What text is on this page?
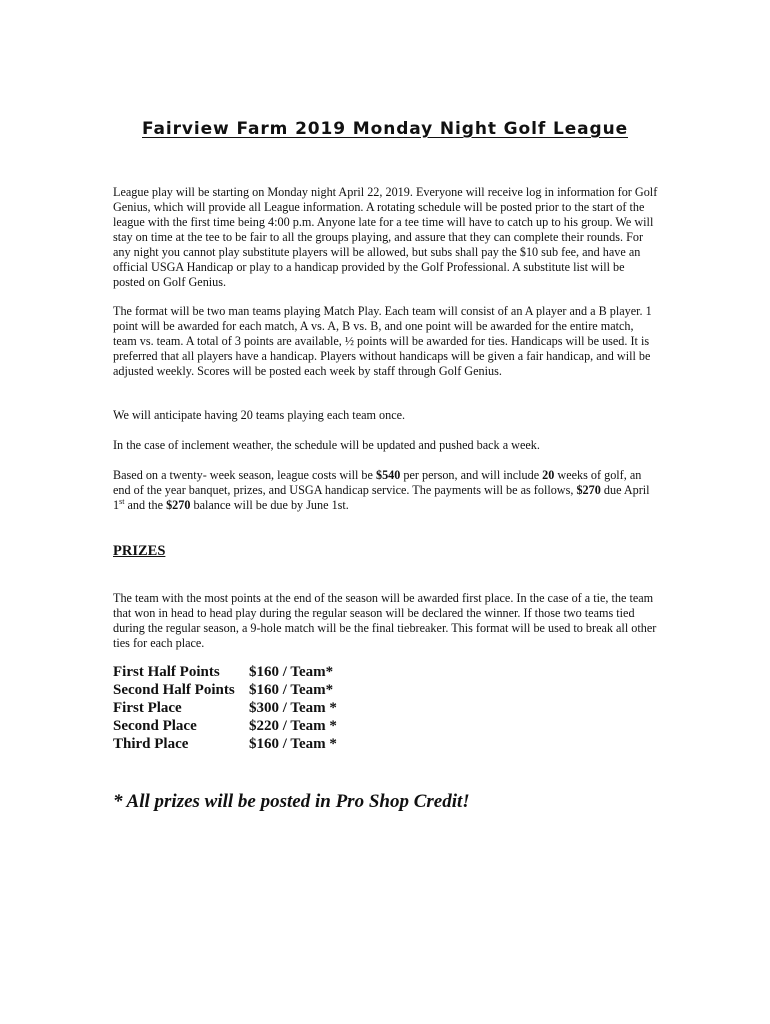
Fairview Farm 2019 Monday Night Golf League

League play will be starting on Monday night April 22, 2019. Everyone will receive log in information for Golf Genius, which will provide all League information. A rotating schedule will be posted prior to the start of the league with the first time being 4:00 p.m. Anyone late for a tee time will have to catch up to his group. We will stay on time at the tee to be fair to all the groups playing, and assure that they can complete their rounds. For any night you cannot play substitute players will be allowed, but subs shall pay the $10 sub fee, and have an official USGA Handicap or play to a handicap provided by the Golf Professional. A substitute list will be posted on Golf Genius.

The format will be two man teams playing Match Play. Each team will consist of an A player and a B player. 1 point will be awarded for each match, A vs. A, B vs. B, and one point will be awarded for the entire match, team vs. team. A total of 3 points are available, ½ points will be awarded for ties. Handicaps will be used. It is preferred that all players have a handicap. Players without handicaps will be given a fair handicap, and will be adjusted weekly. Scores will be posted each week by staff through Golf Genius.

We will anticipate having 20 teams playing each team once.

In the case of inclement weather, the schedule will be updated and pushed back a week.

Based on a twenty- week season, league costs will be $540 per person, and will include 20 weeks of golf, an end of the year banquet, prizes, and USGA handicap service. The payments will be as follows, $270 due April 1st and the $270 balance will be due by June 1st.

PRIZES

The team with the most points at the end of the season will be awarded first place. In the case of a tie, the team that won in head to head play during the regular season will be declared the winner. If those two teams tied during the regular season, a 9-hole match will be the final tiebreaker. This format will be used to break all other ties for each place.

First Half Points	$160 / Team*
Second Half Points $160 / Team*
First Place	$300 / Team *
Second Place	$220 / Team *
Third Place	$160 / Team *

* All prizes will be posted in Pro Shop Credit!
